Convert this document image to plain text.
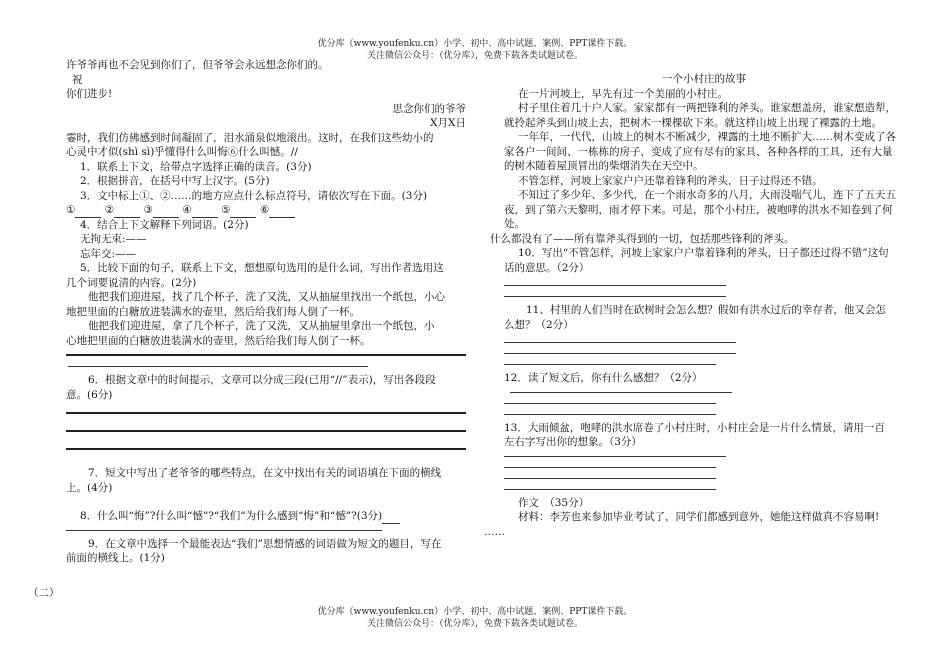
优分库（www.youfenku.cn）小学、初中、高中试题、案例、PPT课件下载。
关注微信公众号：（优分库），免费下载各类试题试卷。
许爷爷再也不会见到你们了，但爷爷会永远想念你们的。
祝
你们进步!
思念你们的爷爷
X月X日
霎时，我们仿佛感到时间凝固了，泪水涌泉似地滚出。这时，在我们这些幼小的
心灵中才似(shì sì)乎懂得什么叫悔⑥什么叫憾。//
1．联系上下文，给带点字选择正确的读音。(3分)
2．根据拼音，在括号中写上汉字。(5分)
3．文中标上①、②……的地方应点什么标点符号，请依次写在下面。(3分)
①	②	③	④	⑤	⑥
4．结合上下文解释下列词语。(2分)
无拘无束:——
忘年交:——
5．比较下面的句子，联系上下文，想想原句选用的是什么词，写出作者选用这
几个词要说清的内容。(2分)
他把我们迎进屋，找了几个杯子，洗了又洗，又从抽屉里找出一个纸包，小心
地把里面的白糖放进装满水的壶里，然后给我们每人倒了一杯。
他把我们迎进屋，拿了几个杯子，洗了又洗，又从抽屉里拿出一个纸包，小
心地把里面的白糖放进装满水的壶里，然后给我们每人倒了一杯。
6．根据文章中的时间提示，文章可以分成三段(已用“//”表示)，写出各段段
意。(6分)
7．短文中写出了老爷爷的哪些特点，在文中找出有关的词语填在下面的横线
上。(4分)

8．什么叫“悔”?什么叫“憾”?“我们”为什么感到“悔”和“憾”?(3分)
9．在文章中选择一个最能表达“我们”思想情感的词语做为短文的题目，写在
前面的横线上。(1分)
（二）
一个小村庄的故事
在一片河坡上，早先有过一个美丽的小村庄。
村子里住着几十户人家。家家都有一两把锋利的斧头。谁家想盖房，谁家想造犁，
就拎起斧头到山坡上去，把树木一棵棵砍下来。就这样山坡上出现了裸露的土地。
一年年，一代代，山坡上的树木不断减少，裸露的土地不断扩大……树木变成了各
家各户一间间、一栋栋的房子，变成了应有尽有的家具、各种各样的工具，还有大量
的树木随着屋顶冒出的柴烟消失在天空中。
不管怎样，河坡上家家户户还靠着锋利的斧头，日子过得还不错。
不知过了多少年、多少代，在一个雨水奇多的八月，大雨没喘气儿，连下了五天五
夜，到了第六天黎明，雨才停下来。可是，那个小村庄，被咆哮的洪水不知卷到了何
处。
什么都没有了——所有靠斧头得到的一切，包括那些锋利的斧头。
10．写出“不管怎样，河坡上家家户户靠着锋利的斧头，日子都还过得不错”这句
话的意思。（2分）
11、村里的人们当时在砍树时会怎么想？假如有洪水过后的幸存者，他又会怎
么想？（2分）
12．读了短文后，你有什么感想？（2分）
13．大雨倾盆，咆哮的洪水席卷了小村庄时，小村庄会是一片什么情景，请用一百
左右字写出你的想象。（3分）
作文　（35分）
材料：李芳也来参加毕业考试了，同学们都感到意外，她能这样做真不容易啊!
……
优分库（www.youfenku.cn）小学、初中、高中试题、案例、PPT课件下载。
关注微信公众号：（优分库），免费下载各类试题试卷。
